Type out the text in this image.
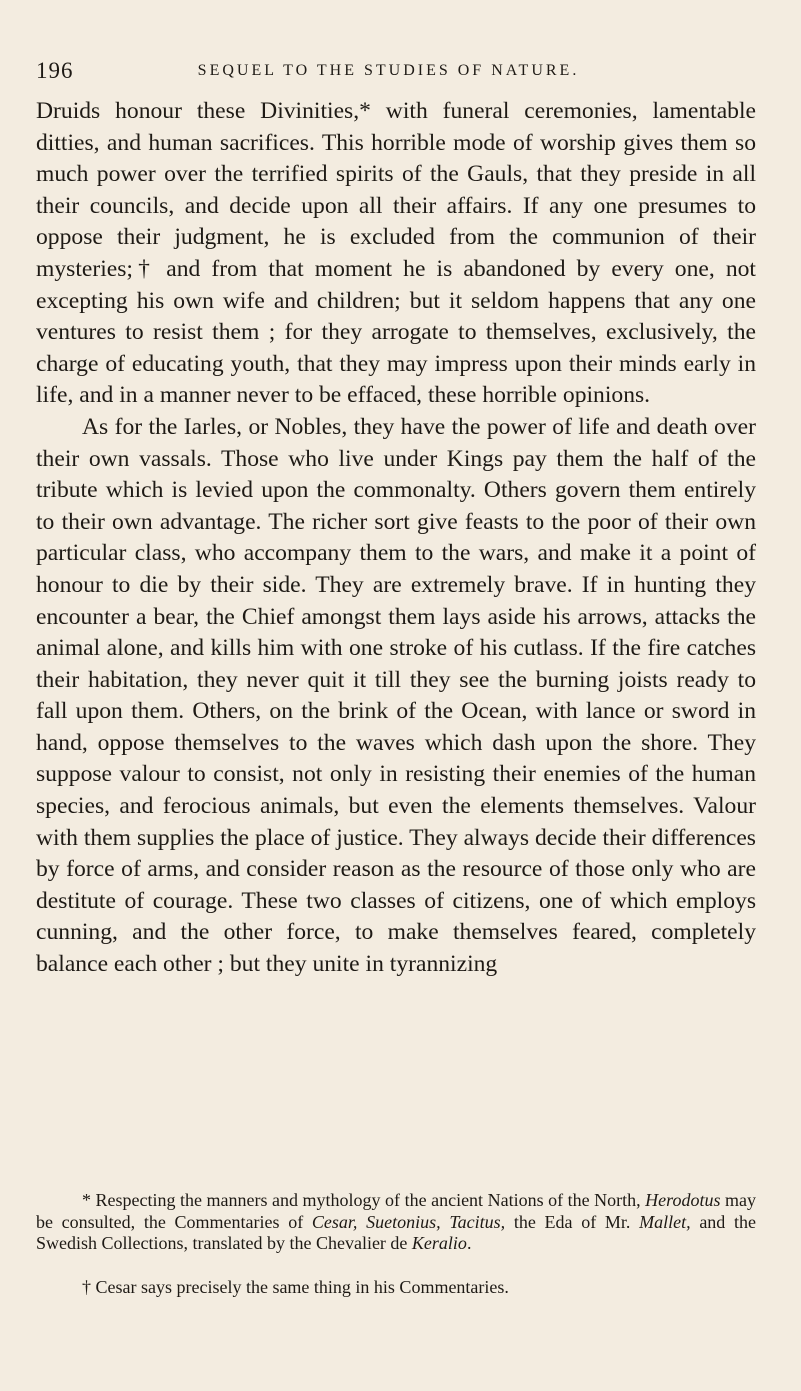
196	SEQUEL TO THE STUDIES OF NATURE.

Druids honour these Divinities,* with funeral ceremonies, lamentable ditties, and human sacrifices. This horrible mode of worship gives them so much power over the terrified spirits of the Gauls, that they preside in all their councils, and decide upon all their affairs. If any one presumes to oppose their judgment, he is excluded from the communion of their mysteries;† and from that moment he is abandoned by every one, not excepting his own wife and children; but it seldom happens that any one ventures to resist them ; for they arrogate to themselves, exclusively, the charge of educating youth, that they may impress upon their minds early in life, and in a manner never to be effaced, these horrible opinions.

As for the Iarles, or Nobles, they have the power of life and death over their own vassals. Those who live under Kings pay them the half of the tribute which is levied upon the commonalty. Others govern them entirely to their own advantage. The richer sort give feasts to the poor of their own particular class, who accompany them to the wars, and make it a point of honour to die by their side. They are extremely brave. If in hunting they encounter a bear, the Chief amongst them lays aside his arrows, attacks the animal alone, and kills him with one stroke of his cutlass. If the fire catches their habitation, they never quit it till they see the burning joists ready to fall upon them. Others, on the brink of the Ocean, with lance or sword in hand, oppose themselves to the waves which dash upon the shore. They suppose valour to consist, not only in resisting their enemies of the human species, and ferocious animals, but even the elements themselves. Valour with them supplies the place of justice. They always decide their differences by force of arms, and consider reason as the resource of those only who are destitute of courage. These two classes of citizens, one of which employs cunning, and the other force, to make themselves feared, completely balance each other ; but they unite in tyrannizing

* Respecting the manners and mythology of the ancient Nations of the North, Herodotus may be consulted, the Commentaries of Cesar, Suetonius, Tacitus, the Eda of Mr. Mallet, and the Swedish Collections, translated by the Chevalier de Keralio.

† Cesar says precisely the same thing in his Commentaries.
